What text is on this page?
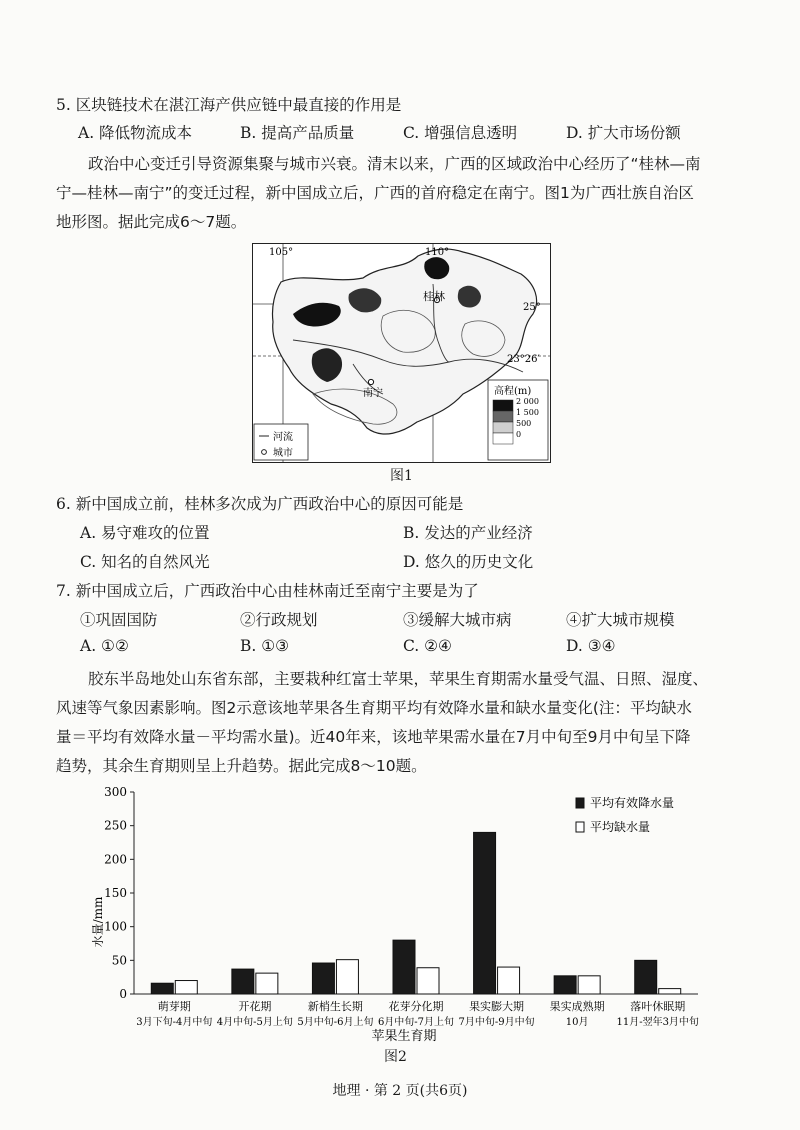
5. 区块链技术在湛江海产供应链中最直接的作用是
A. 降低物流成本	B. 提高产品质量	C. 增强信息透明	D. 扩大市场份额
政治中心变迁引导资源集聚与城市兴衰。清末以来，广西的区域政治中心经历了“桂林—南
宁—桂林—南宁”的变迁过程，新中国成立后，广西的首府稳定在南宁。图1为广西壮族自治区
地形图。据此完成6～7题。
105°	110°
25°
23°26′
桂林
南宁	高程(m)
2 000
1 500
500
0
河流
城市
图1
6. 新中国成立前，桂林多次成为广西政治中心的原因可能是
A. 易守难攻的位置	B. 发达的产业经济
C. 知名的自然风光	D. 悠久的历史文化
7. 新中国成立后，广西政治中心由桂林南迁至南宁主要是为了
①巩固国防	②行政规划	③缓解大城市病	④扩大城市规模
A. ①②	B. ①③	C. ②④	D. ③④
胶东半岛地处山东省东部，主要栽种红富士苹果，苹果生育期需水量受气温、日照、湿度、
风速等气象因素影响。图2示意该地苹果各生育期平均有效降水量和缺水量变化(注：平均缺水
量＝平均有效降水量－平均需水量)。近40年来，该地苹果需水量在7月中旬至9月中旬呈下降
趋势，其余生育期则呈上升趋势。据此完成8～10题。
0
50
100
150
200
250
300
萌芽期
3月下旬-4月中旬
开花期
4月中旬-5月上旬
新梢生长期
5月中旬-6月上旬
花芽分化期
6月中旬-7月上旬
果实膨大期
7月中旬-9月中旬
果实成熟期
10月
落叶休眠期
11月-翌年3月中旬
水量/mm
苹果生育期
平均有效降水量
平均缺水量
图2
地理 · 第 2 页(共6页)
